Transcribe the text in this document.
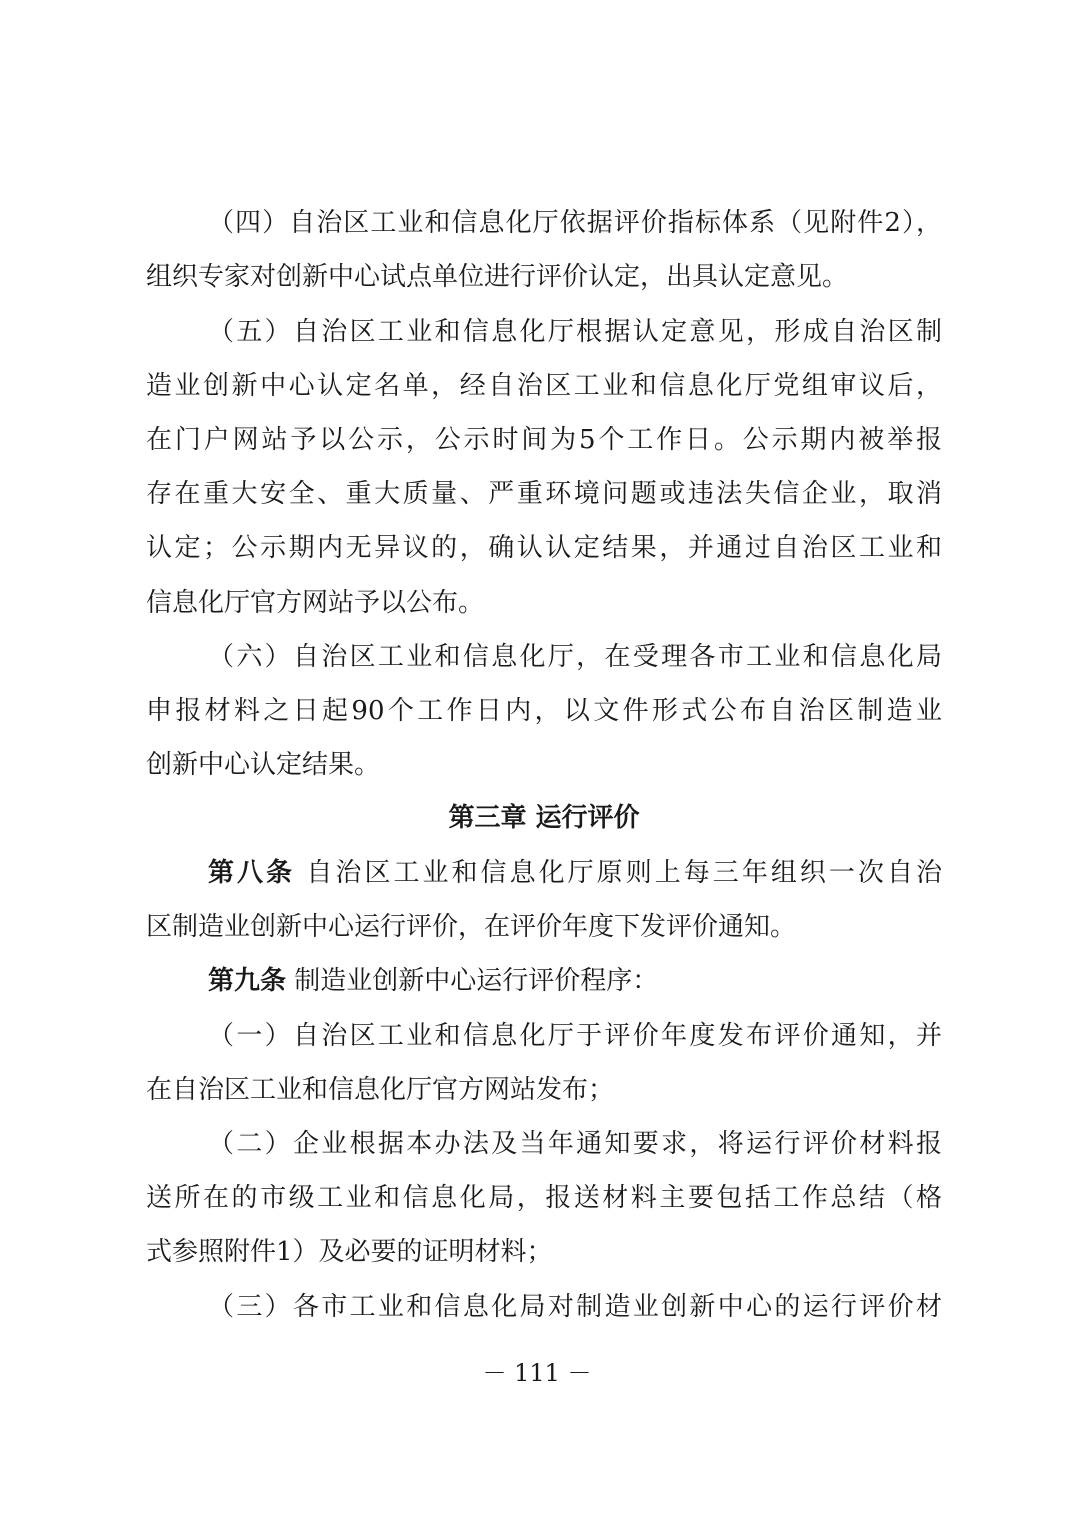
（四）自治区工业和信息化厅依据评价指标体系（见附件2），
组织专家对创新中心试点单位进行评价认定，出具认定意见。
（五）自治区工业和信息化厅根据认定意见，形成自治区制
造业创新中心认定名单，经自治区工业和信息化厅党组审议后，
在门户网站予以公示，公示时间为5个工作日。公示期内被举报
存在重大安全、重大质量、严重环境问题或违法失信企业，取消
认定；公示期内无异议的，确认认定结果，并通过自治区工业和
信息化厅官方网站予以公布。
（六）自治区工业和信息化厅，在受理各市工业和信息化局
申报材料之日起90个工作日内，以文件形式公布自治区制造业
创新中心认定结果。
第三章 运行评价
第八条 自治区工业和信息化厅原则上每三年组织一次自治
区制造业创新中心运行评价，在评价年度下发评价通知。
第九条 制造业创新中心运行评价程序：
（一）自治区工业和信息化厅于评价年度发布评价通知，并
在自治区工业和信息化厅官方网站发布；
（二）企业根据本办法及当年通知要求，将运行评价材料报
送所在的市级工业和信息化局，报送材料主要包括工作总结（格
式参照附件1）及必要的证明材料；
（三）各市工业和信息化局对制造业创新中心的运行评价材
－ 111 －
